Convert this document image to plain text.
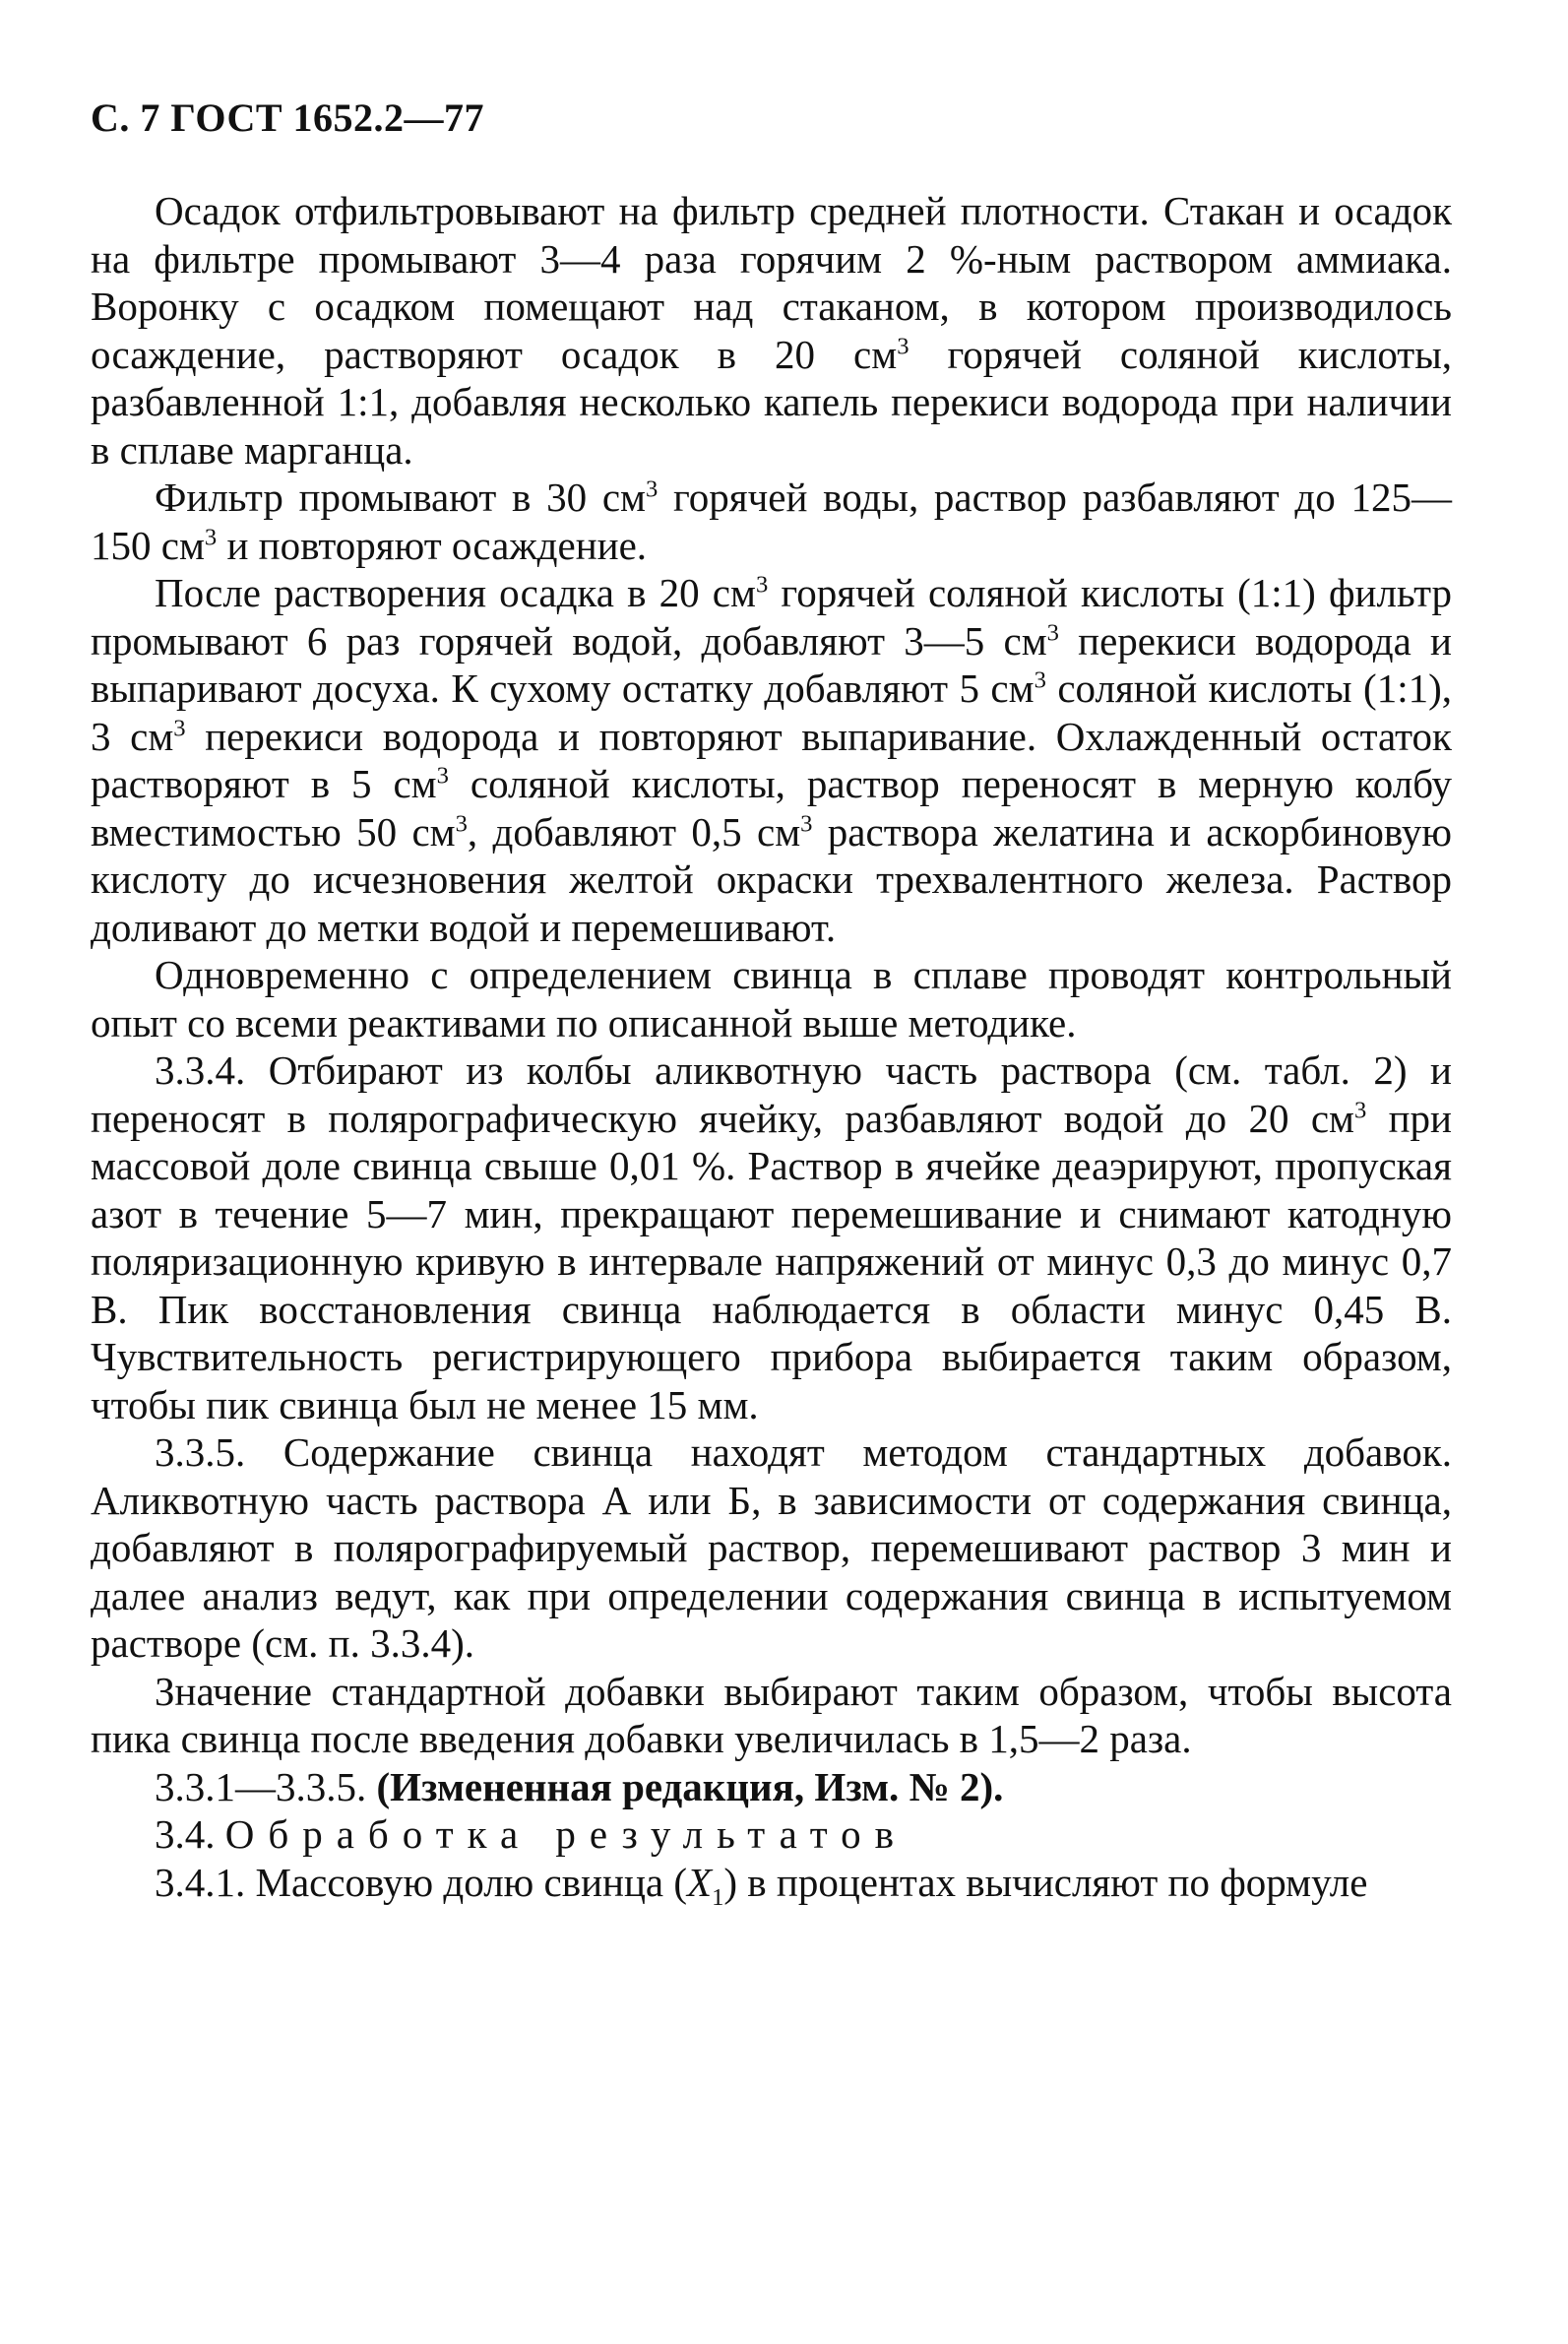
С. 7 ГОСТ 1652.2—77

Осадок отфильтровывают на фильтр средней плотности. Стакан и осадок на фильтре промывают 3—4 раза горячим 2 %-ным раствором аммиака. Воронку с осадком помещают над стаканом, в котором производилось осаждение, растворяют осадок в 20 $см^3$ горячей соляной кислоты, разбавленной 1:1, добавляя несколько капель перекиси водорода при наличии в сплаве марганца.

Фильтр промывают в 30 $см^3$ горячей воды, раствор разбавляют до 125—150 $см^3$ и повторяют осаждение.

После растворения осадка в 20 $см^3$ горячей соляной кислоты (1:1) фильтр промывают 6 раз горячей водой, добавляют 3—5 $см^3$ перекиси водорода и выпаривают досуха. К сухому остатку добавляют 5 $см^3$ соляной кислоты (1:1), 3 $см^3$ перекиси водорода и повторяют выпаривание. Охлажденный остаток растворяют в 5 $см^3$ соляной кислоты, раствор переносят в мерную колбу вместимостью 50 $см^3$, добавляют 0,5 $см^3$ раствора желатина и аскорбиновую кислоту до исчезновения желтой окраски трехвалентного железа. Раствор доливают до метки водой и перемешивают.

Одновременно с определением свинца в сплаве проводят контрольный опыт со всеми реактивами по описанной выше методике.

3.3.4. Отбирают из колбы аликвотную часть раствора (см. табл. 2) и переносят в полярографическую ячейку, разбавляют водой до 20 $см^3$ при массовой доле свинца свыше 0,01 %. Раствор в ячейке деаэрируют, пропуская азот в течение 5—7 мин, прекращают перемешивание и снимают катодную поляризационную кривую в интервале напряжений от минус 0,3 до минус 0,7 В. Пик восстановления свинца наблюдается в области минус 0,45 В. Чувствительность регистрирующего прибора выбирается таким образом, чтобы пик свинца был не менее 15 мм.

3.3.5. Содержание свинца находят методом стандартных добавок. Аликвотную часть раствора А или Б, в зависимости от содержания свинца, добавляют в полярографируемый раствор, перемешивают раствор 3 мин и далее анализ ведут, как при определении содержания свинца в испытуемом растворе (см. п. 3.3.4).

Значение стандартной добавки выбирают таким образом, чтобы высота пика свинца после введения добавки увеличилась в 1,5—2 раза.

3.3.1—3.3.5. (Измененная редакция, Изм. № 2).

3.4. Обработка результатов

3.4.1. Массовую долю свинца $(X_1)$ в процентах вычисляют по формуле
